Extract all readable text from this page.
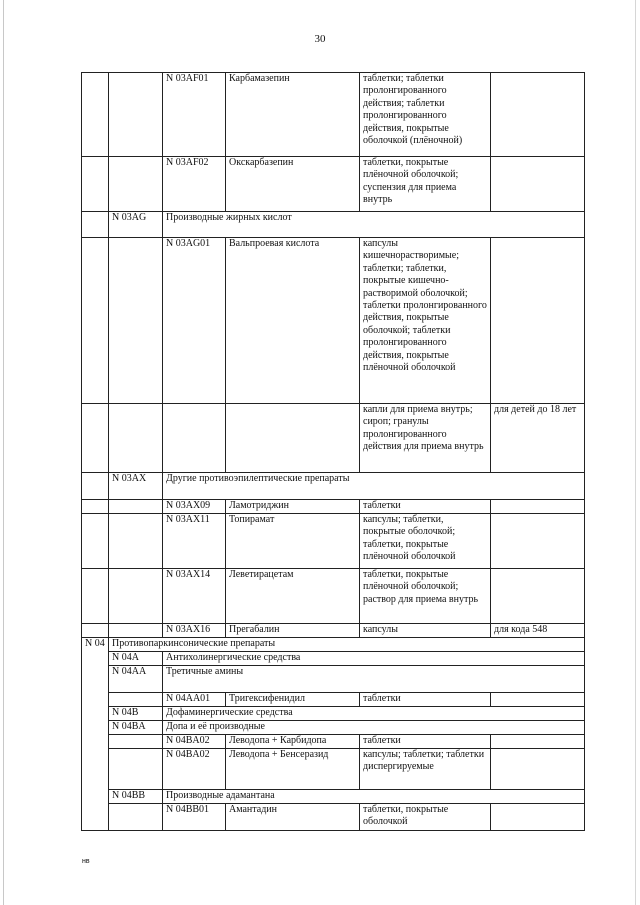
30
		N 03AF01	Карбамазепин	таблетки; таблетки пролонгированного действия; таблетки пролонгированного действия, покрытые оболочкой (плёночной)	
		N 03AF02	Окскарбазепин	таблетки, покрытые плёночной оболочкой; суспензия для приема внутрь	
	N 03AG	Производные жирных кислот			
		N 03AG01	Вальпроевая кислота	капсулы кишечнорастворимые; таблетки; таблетки, покрытые кишечно-растворимой оболочкой; таблетки пролонгированного действия, покрытые оболочкой; таблетки пролонгированного действия, покрытые плёночной оболочкой	
				капли для приема внутрь; сироп; гранулы пролонгированного действия для приема внутрь	для детей до 18 лет
	N 03AX	Другие противоэпилептические препараты			
		N 03AX09	Ламотриджин	таблетки	
		N 03AX11	Топирамат	капсулы; таблетки, покрытые оболочкой; таблетки, покрытые плёночной оболочкой	
		N 03AX14	Леветирацетам	таблетки, покрытые плёночной оболочкой; раствор для приема внутрь	
		N 03AX16	Прегабалин	капсулы	для кода 548
N 04	Противопаркинсонические препараты				
	N 04A	Антихолинергические средства			
	N 04AA	Третичные амины			
		N 04AA01	Тригексифенидил	таблетки	
	N 04B	Дофаминергические средства			
	N 04BA	Допа и её производные			
		N 04BA02	Леводопа + Карбидопа	таблетки	
		N 04BA02	Леводопа + Бенсеразид	капсулы; таблетки; таблетки диспергируемые	
	N 04BB	Производные адамантана			
		N 04BB01	Амантадин	таблетки, покрытые оболочкой	
нв
